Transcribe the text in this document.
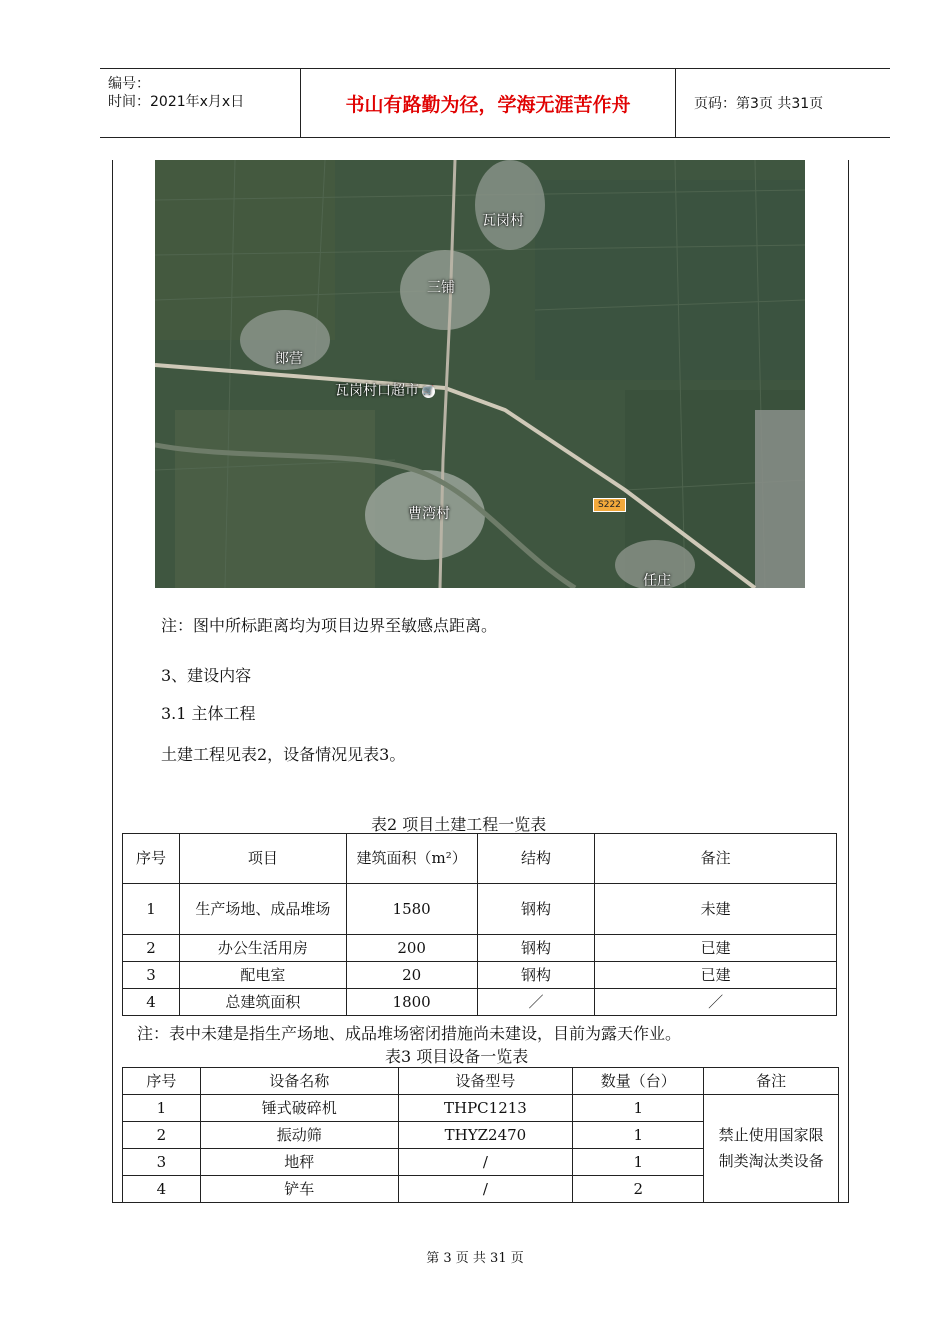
编号：
时间：2021年x月x日	书山有路勤为径，学海无涯苦作舟	页码：第3页 共31页
瓦岗村
三铺
郎营
瓦岗村口超市 🛒
曹湾村
任庄
S222
注：图中所标距离均为项目边界至敏感点距离。
3、建设内容
3.1 主体工程
土建工程见表2，设备情况见表3。
表2 项目土建工程一览表
序号	项目	建筑面积（m²）	结构	备注
1	生产场地、成品堆场	1580	钢构	未建
2	办公生活用房	200	钢构	已建
3	配电室	20	钢构	已建
4	总建筑面积	1800	／	／
注：表中未建是指生产场地、成品堆场密闭措施尚未建设，目前为露天作业。
表3 项目设备一览表
序号	设备名称	设备型号	数量（台）	备注
1	锤式破碎机	THPC1213	1	禁止使用国家限制类淘汰类设备
2	振动筛	THYZ2470	1	
3	地秤	/	1	
4	铲车	/	2	
第 3 页 共 31 页
